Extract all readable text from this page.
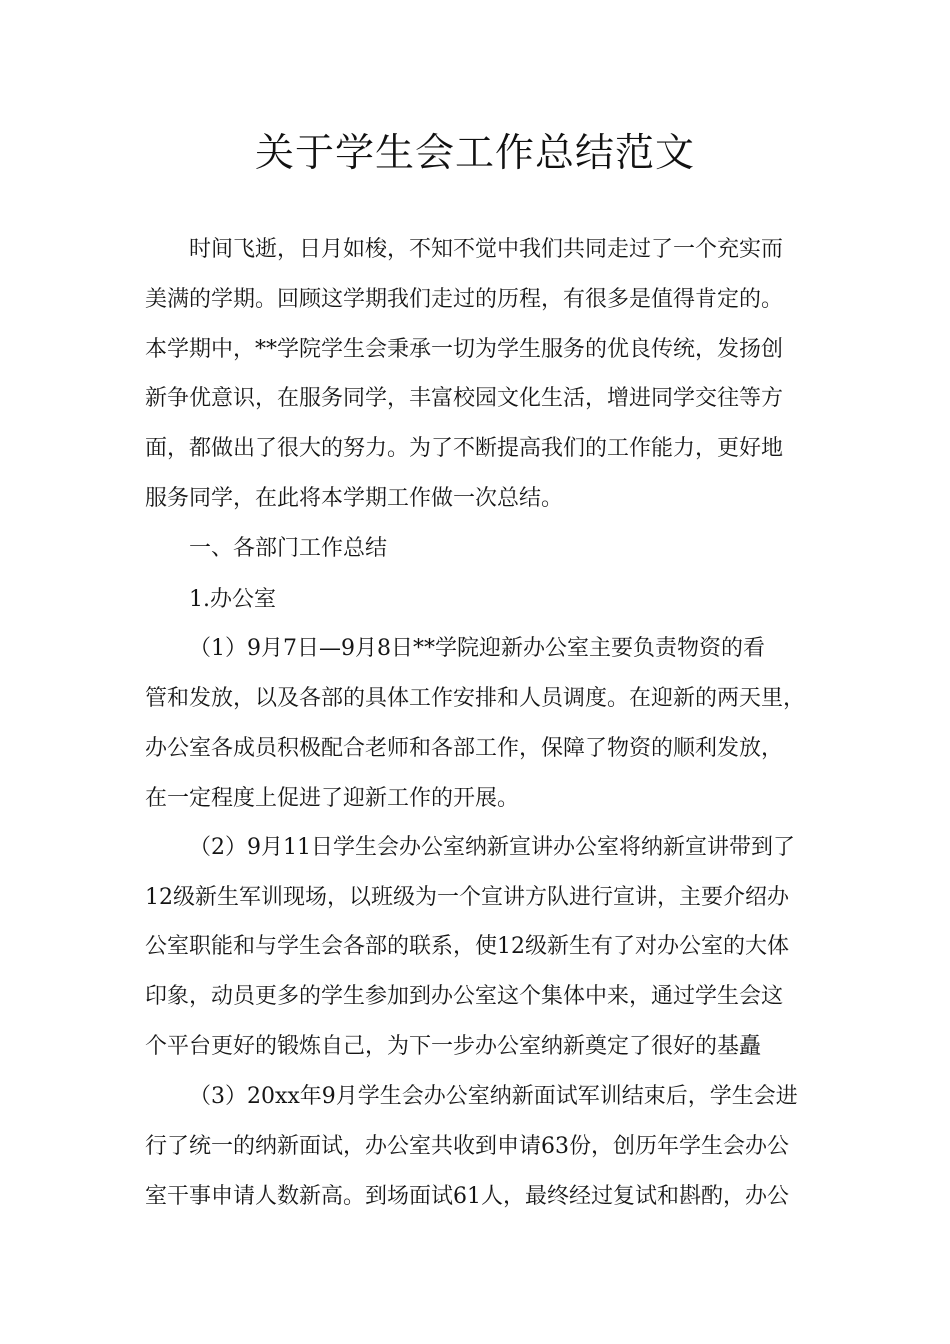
关于学生会工作总结范文
时间飞逝，日月如梭，不知不觉中我们共同走过了一个充实而
美满的学期。回顾这学期我们走过的历程，有很多是值得肯定的。
本学期中，**学院学生会秉承一切为学生服务的优良传统，发扬创
新争优意识，在服务同学，丰富校园文化生活，增进同学交往等方
面，都做出了很大的努力。为了不断提高我们的工作能力，更好地
服务同学，在此将本学期工作做一次总结。
一、各部门工作总结
1.办公室
（1）9月7日—9月8日**学院迎新办公室主要负责物资的看
管和发放，以及各部的具体工作安排和人员调度。在迎新的两天里，
办公室各成员积极配合老师和各部工作，保障了物资的顺利发放，
在一定程度上促进了迎新工作的开展。
（2）9月11日学生会办公室纳新宣讲办公室将纳新宣讲带到了
12级新生军训现场，以班级为一个宣讲方队进行宣讲，主要介绍办
公室职能和与学生会各部的联系，使12级新生有了对办公室的大体
印象，动员更多的学生参加到办公室这个集体中来，通过学生会这
个平台更好的锻炼自己，为下一步办公室纳新奠定了很好的基矗
（3）20xx年9月学生会办公室纳新面试军训结束后，学生会进
行了统一的纳新面试，办公室共收到申请63份，创历年学生会办公
室干事申请人数新高。到场面试61人，最终经过复试和斟酌，办公
